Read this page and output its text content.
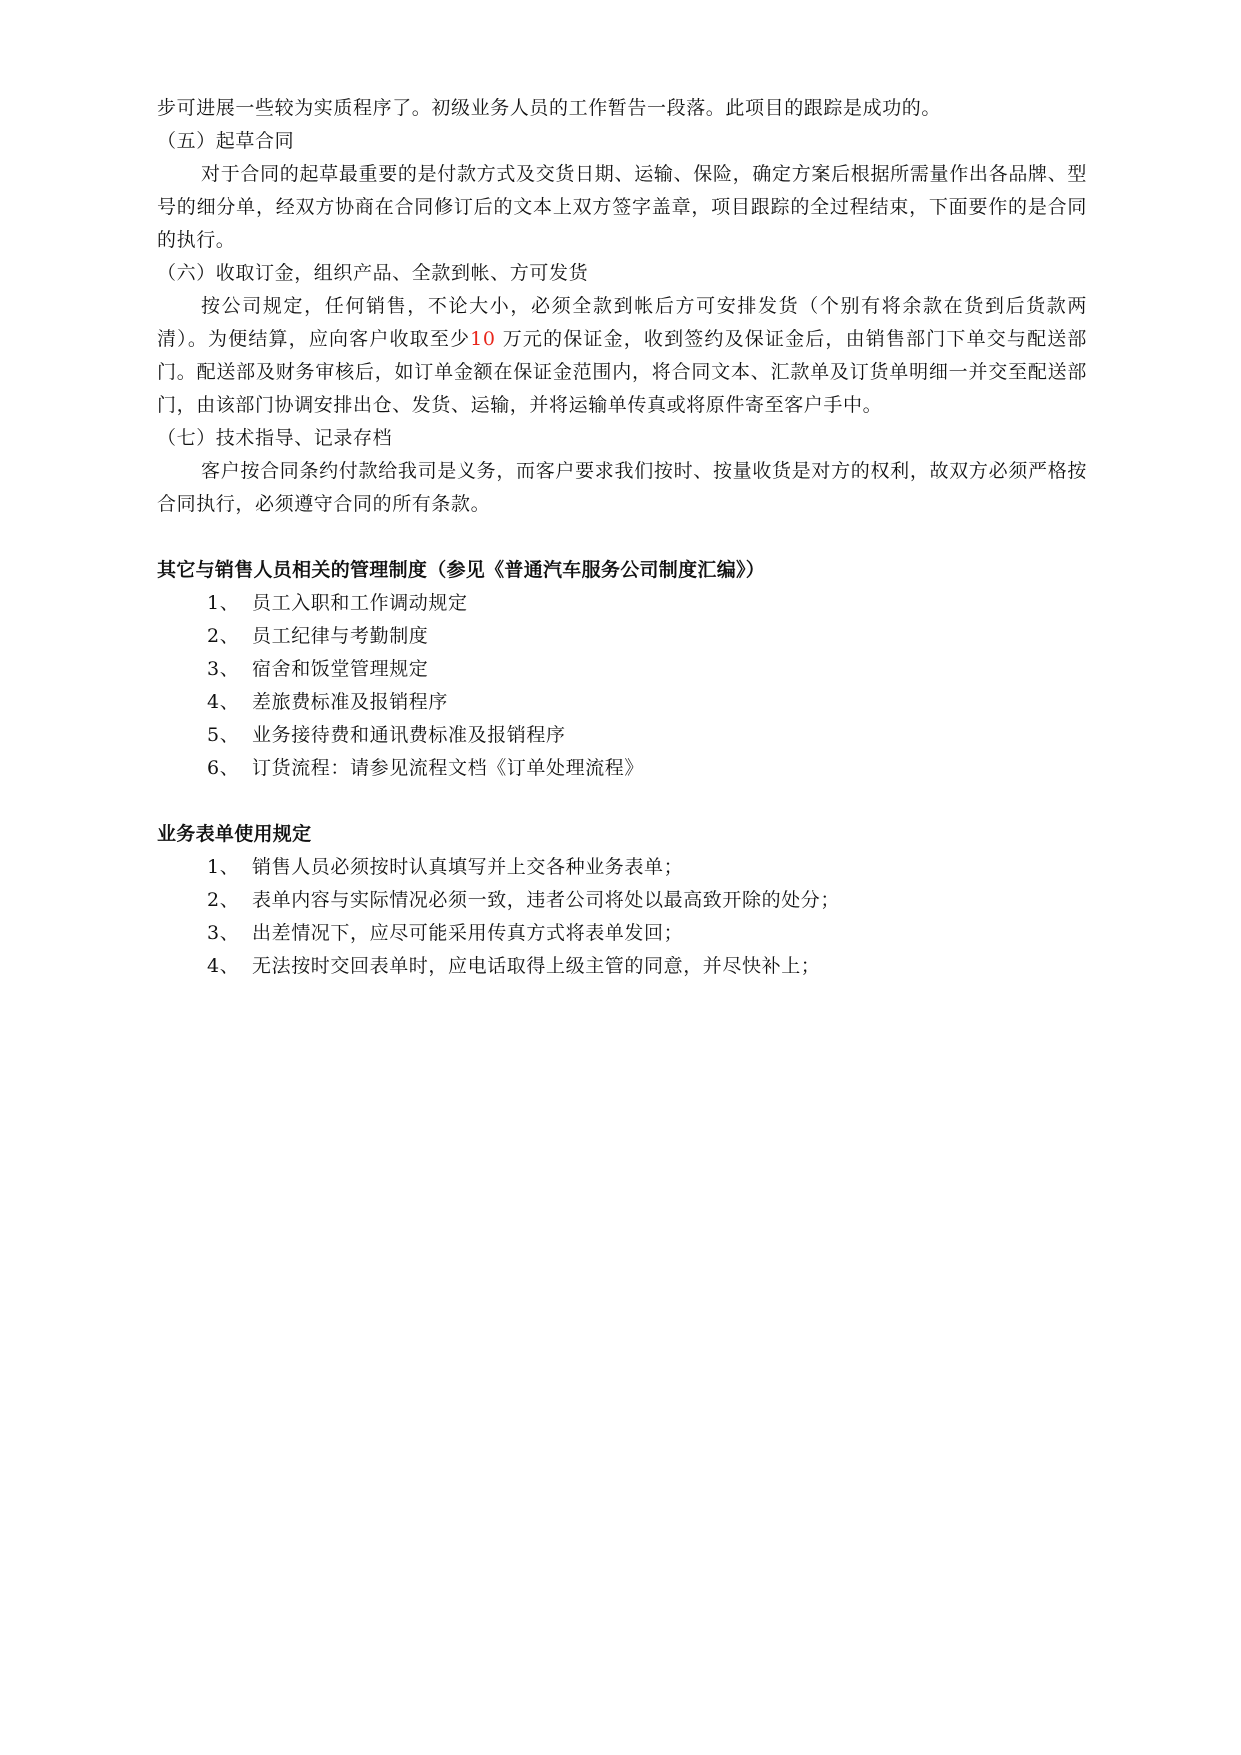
步可进展一些较为实质程序了。初级业务人员的工作暂告一段落。此项目的跟踪是成功的。

（五）起草合同

对于合同的起草最重要的是付款方式及交货日期、运输、保险，确定方案后根据所需量作出各品牌、型号的细分单，经双方协商在合同修订后的文本上双方签字盖章，项目跟踪的全过程结束，下面要作的是合同的执行。

（六）收取订金，组织产品、全款到帐、方可发货

按公司规定，任何销售，不论大小，必须全款到帐后方可安排发货（个别有将余款在货到后货款两清）。为便结算，应向客户收取至少10 万元的保证金，收到签约及保证金后，由销售部门下单交与配送部门。配送部及财务审核后，如订单金额在保证金范围内，将合同文本、汇款单及订货单明细一并交至配送部门，由该部门协调安排出仓、发货、运输，并将运输单传真或将原件寄至客户手中。

（七）技术指导、记录存档

客户按合同条约付款给我司是义务，而客户要求我们按时、按量收货是对方的权利，故双方必须严格按合同执行，必须遵守合同的所有条款。

其它与销售人员相关的管理制度（参见《普通汽车服务公司制度汇编》）

1、 员工入职和工作调动规定
2、 员工纪律与考勤制度
3、 宿舍和饭堂管理规定
4、 差旅费标准及报销程序
5、 业务接待费和通讯费标准及报销程序
6、 订货流程：请参见流程文档《订单处理流程》

业务表单使用规定

1、 销售人员必须按时认真填写并上交各种业务表单；
2、 表单内容与实际情况必须一致，违者公司将处以最高致开除的处分；
3、 出差情况下，应尽可能采用传真方式将表单发回；
4、 无法按时交回表单时，应电话取得上级主管的同意，并尽快补上；
